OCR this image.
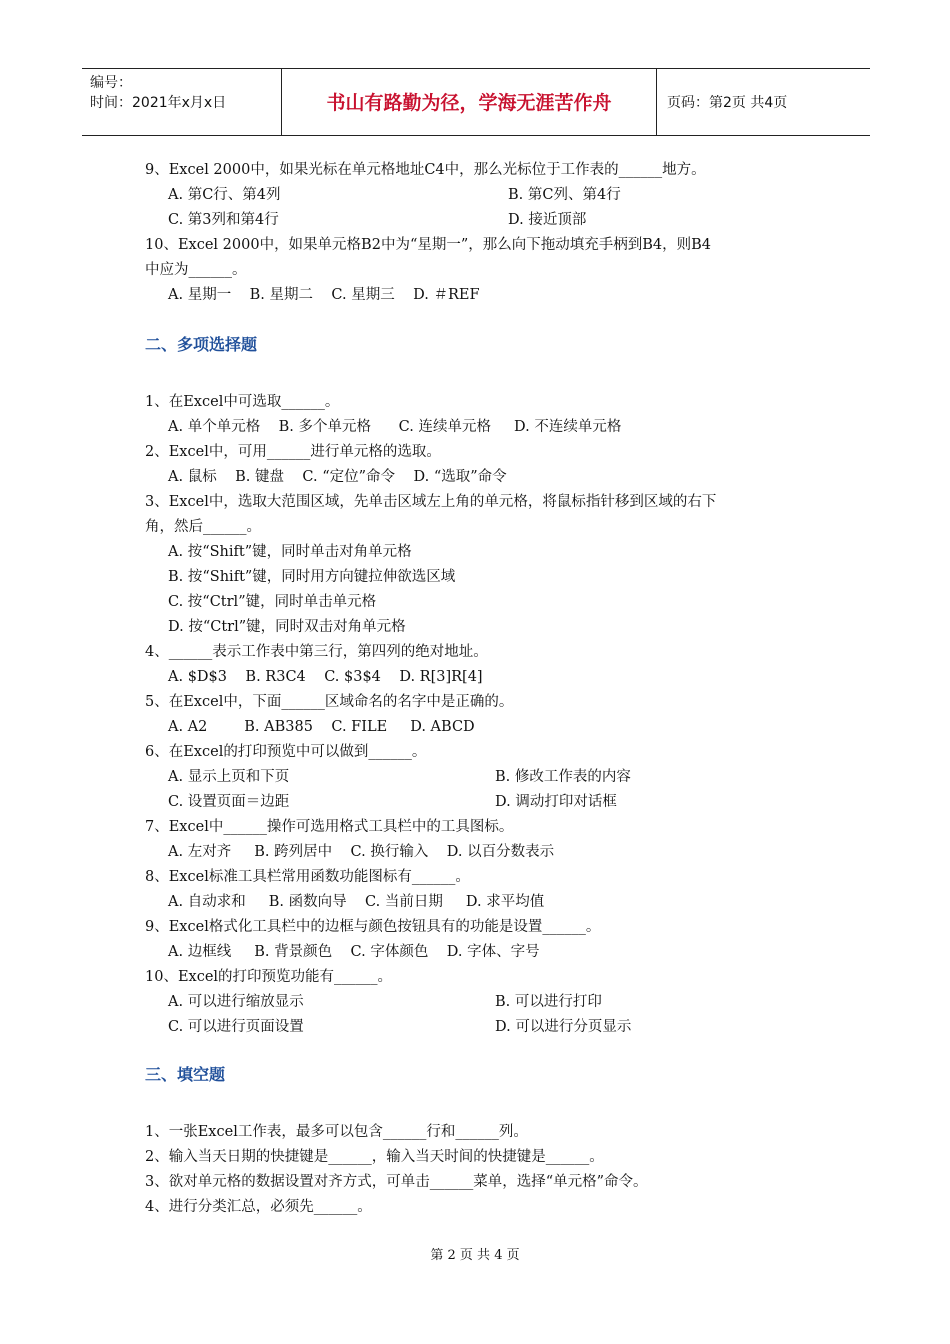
编号：
时间：2021年x月x日	书山有路勤为径，学海无涯苦作舟	页码：第2页 共4页
9、Excel 2000中，如果光标在单元格地址C4中，那么光标位于工作表的______地方。
A. 第C行、第4列	B. 第C列、第4行
C. 第3列和第4行	D. 接近顶部
10、Excel 2000中，如果单元格B2中为“星期一”，那么向下拖动填充手柄到B4，则B4
中应为______。
A. 星期一    B. 星期二    C. 星期三    D. ＃REF
二、多项选择题
1、在Excel中可选取______。
A. 单个单元格    B. 多个单元格      C. 连续单元格     D. 不连续单元格
2、Excel中，可用______进行单元格的选取。
A. 鼠标    B. 键盘    C. “定位”命令    D. “选取”命令
3、Excel中，选取大范围区域，先单击区域左上角的单元格，将鼠标指针移到区域的右下
角，然后______。
A. 按“Shift”键，同时单击对角单元格
B. 按“Shift”键，同时用方向键拉伸欲选区域
C. 按“Ctrl”键，同时单击单元格
D. 按“Ctrl”键，同时双击对角单元格
4、______表示工作表中第三行，第四列的绝对地址。
A. $D$3    B. R3C4    C. $3$4    D. R[3]R[4]
5、在Excel中，下面______区域命名的名字中是正确的。
A. A2        B. AB385    C. FILE     D. ABCD
6、在Excel的打印预览中可以做到______。
A. 显示上页和下页	B. 修改工作表的内容
C. 设置页面＝边距	D. 调动打印对话框
7、Excel中______操作可选用格式工具栏中的工具图标。
A. 左对齐     B. 跨列居中    C. 换行输入    D. 以百分数表示
8、Excel标准工具栏常用函数功能图标有______。
A. 自动求和     B. 函数向导    C. 当前日期     D. 求平均值
9、Excel格式化工具栏中的边框与颜色按钮具有的功能是设置______。
A. 边框线     B. 背景颜色    C. 字体颜色    D. 字体、字号
10、Excel的打印预览功能有______。
A. 可以进行缩放显示	B. 可以进行打印
C. 可以进行页面设置	D. 可以进行分页显示
三、填空题
1、一张Excel工作表，最多可以包含______行和______列。
2、输入当天日期的快捷键是______，输入当天时间的快捷键是______。
3、欲对单元格的数据设置对齐方式，可单击______菜单，选择“单元格”命令。
4、进行分类汇总，必须先______。
第 2 页 共 4 页
